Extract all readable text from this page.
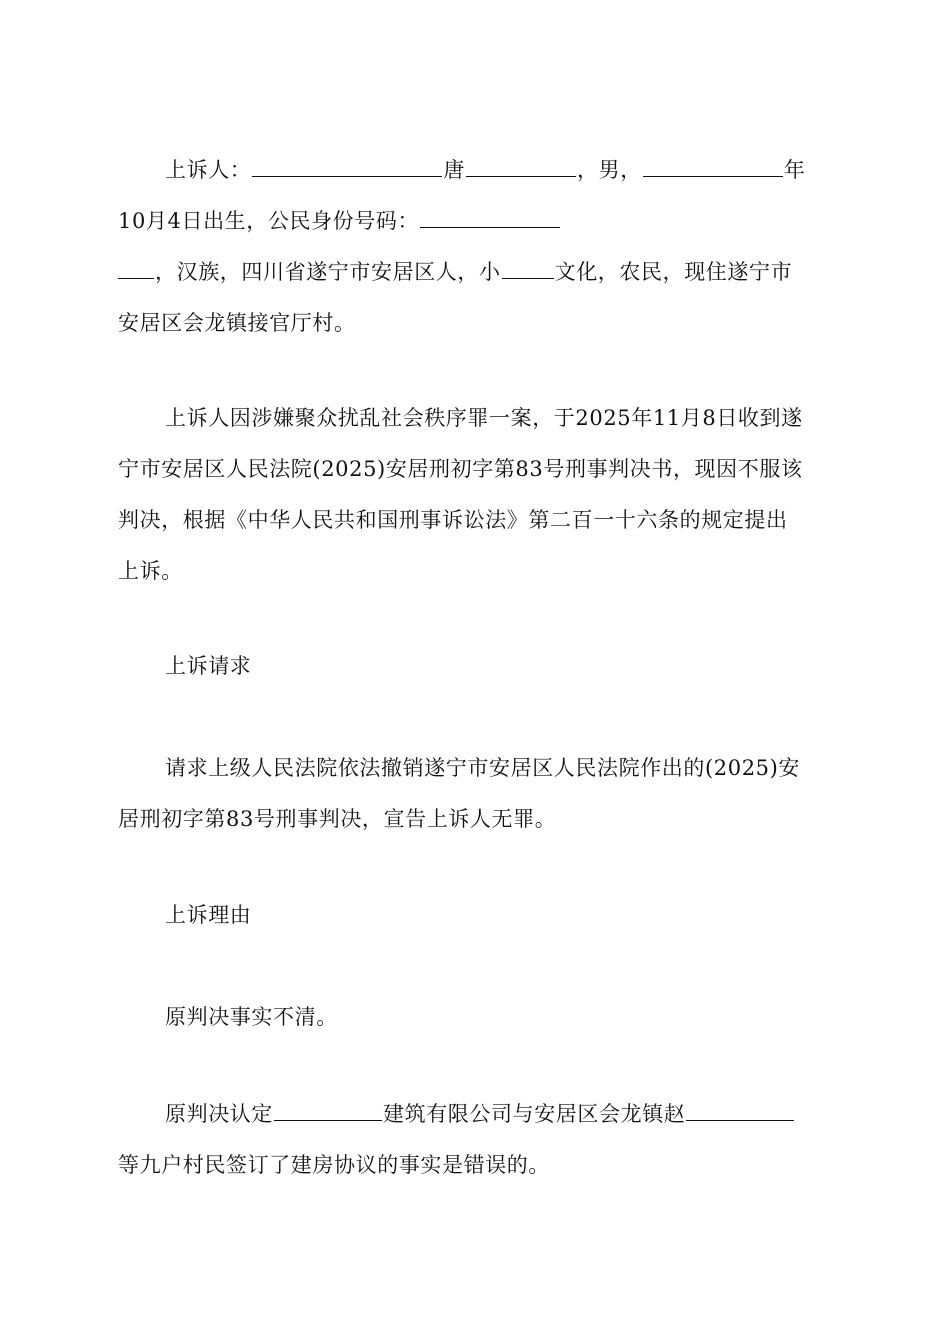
上诉人：	唐	，男，	年
10月4日出生，公民身份号码：
，汉族，四川省遂宁市安居区人，小	文化，农民，现住遂宁市
安居区会龙镇接官厅村。
上诉人因涉嫌聚众扰乱社会秩序罪一案，于2025年11月8日收到遂
宁市安居区人民法院(2025)安居刑初字第83号刑事判决书，现因不服该
判决，根据《中华人民共和国刑事诉讼法》第二百一十六条的规定提出
上诉。
上诉请求
请求上级人民法院依法撤销遂宁市安居区人民法院作出的(2025)安
居刑初字第83号刑事判决，宣告上诉人无罪。
上诉理由
原判决事实不清。
原判决认定	建筑有限公司与安居区会龙镇赵
等九户村民签订了建房协议的事实是错误的。
